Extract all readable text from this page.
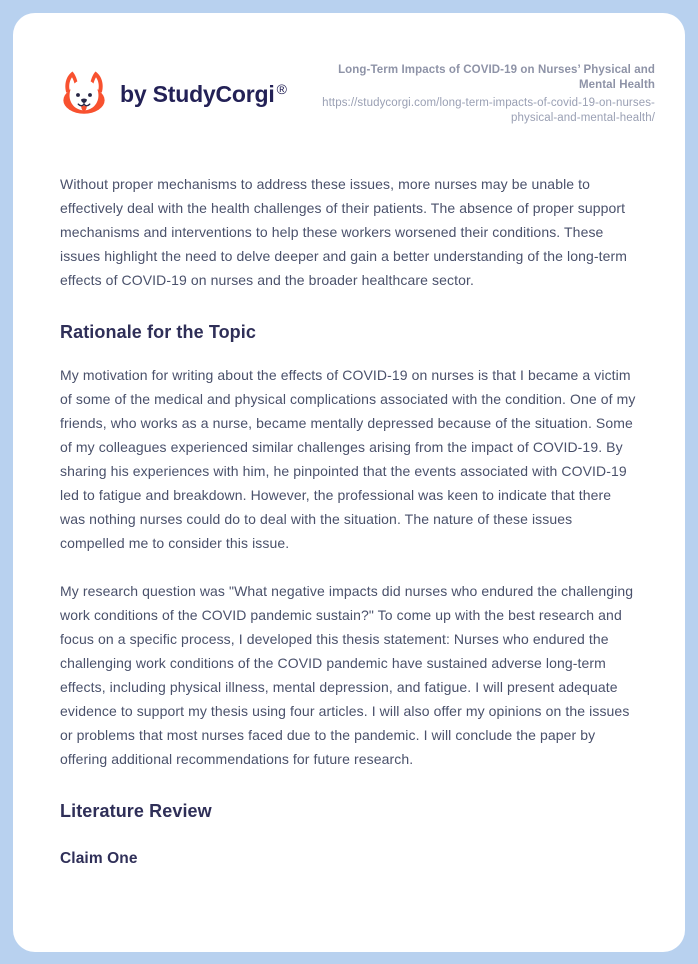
by StudyCorgi ®
Long-Term Impacts of COVID-19 on Nurses’ Physical and Mental Health
https://studycorgi.com/long-term-impacts-of-covid-19-on-nurses-physical-and-mental-health/

Without proper mechanisms to address these issues, more nurses may be unable to effectively deal with the health challenges of their patients. The absence of proper support mechanisms and interventions to help these workers worsened their conditions. These issues highlight the need to delve deeper and gain a better understanding of the long-term effects of COVID-19 on nurses and the broader healthcare sector.

Rationale for the Topic

My motivation for writing about the effects of COVID-19 on nurses is that I became a victim of some of the medical and physical complications associated with the condition. One of my friends, who works as a nurse, became mentally depressed because of the situation. Some of my colleagues experienced similar challenges arising from the impact of COVID-19. By sharing his experiences with him, he pinpointed that the events associated with COVID-19 led to fatigue and breakdown. However, the professional was keen to indicate that there was nothing nurses could do to deal with the situation. The nature of these issues compelled me to consider this issue.

My research question was "What negative impacts did nurses who endured the challenging work conditions of the COVID pandemic sustain?" To come up with the best research and focus on a specific process, I developed this thesis statement: Nurses who endured the challenging work conditions of the COVID pandemic have sustained adverse long-term effects, including physical illness, mental depression, and fatigue. I will present adequate evidence to support my thesis using four articles. I will also offer my opinions on the issues or problems that most nurses faced due to the pandemic. I will conclude the paper by offering additional recommendations for future research.

Literature Review
Claim One
